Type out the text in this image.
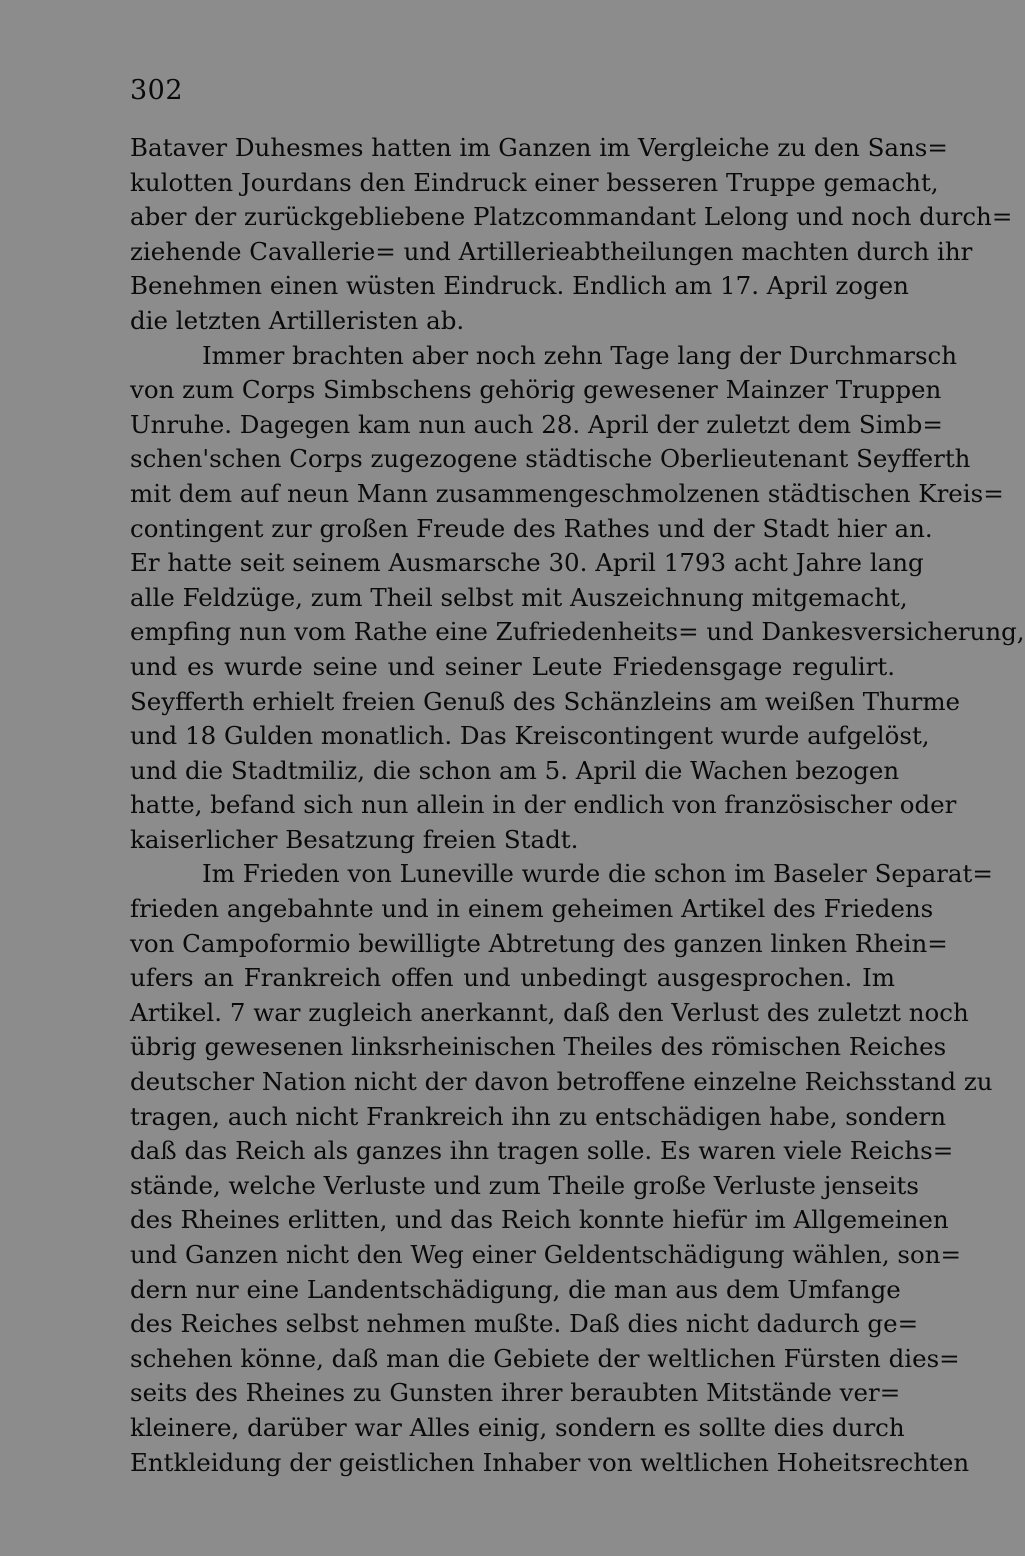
302
Bataver Duhesmes hatten im Ganzen im Vergleiche zu den Sans=
kulotten Jourdans den Eindruck einer besseren Truppe gemacht,
aber der zurückgebliebene Platzcommandant Lelong und noch durch=
ziehende Cavallerie= und Artillerieabtheilungen machten durch ihr
Benehmen einen wüsten Eindruck. Endlich am 17. April zogen
die letzten Artilleristen ab.
Immer brachten aber noch zehn Tage lang der Durchmarsch
von zum Corps Simbschens gehörig gewesener Mainzer Truppen
Unruhe. Dagegen kam nun auch 28. April der zuletzt dem Simb=
schen'schen Corps zugezogene städtische Oberlieutenant Seyfferth
mit dem auf neun Mann zusammengeschmolzenen städtischen Kreis=
contingent zur großen Freude des Rathes und der Stadt hier an.
Er hatte seit seinem Ausmarsche 30. April 1793 acht Jahre lang
alle Feldzüge, zum Theil selbst mit Auszeichnung mitgemacht,
empfing nun vom Rathe eine Zufriedenheits= und Dankesversicherung,
und es wurde seine und seiner Leute Friedensgage regulirt.
Seyfferth erhielt freien Genuß des Schänzleins am weißen Thurme
und 18 Gulden monatlich. Das Kreiscontingent wurde aufgelöst,
und die Stadtmiliz, die schon am 5. April die Wachen bezogen
hatte, befand sich nun allein in der endlich von französischer oder
kaiserlicher Besatzung freien Stadt.
Im Frieden von Luneville wurde die schon im Baseler Separat=
frieden angebahnte und in einem geheimen Artikel des Friedens
von Campoformio bewilligte Abtretung des ganzen linken Rhein=
ufers an Frankreich offen und unbedingt ausgesprochen. Im
Artikel. 7 war zugleich anerkannt, daß den Verlust des zuletzt noch
übrig gewesenen linksrheinischen Theiles des römischen Reiches
deutscher Nation nicht der davon betroffene einzelne Reichsstand zu
tragen, auch nicht Frankreich ihn zu entschädigen habe, sondern
daß das Reich als ganzes ihn tragen solle. Es waren viele Reichs=
stände, welche Verluste und zum Theile große Verluste jenseits
des Rheines erlitten, und das Reich konnte hiefür im Allgemeinen
und Ganzen nicht den Weg einer Geldentschädigung wählen, son=
dern nur eine Landentschädigung, die man aus dem Umfange
des Reiches selbst nehmen mußte. Daß dies nicht dadurch ge=
schehen könne, daß man die Gebiete der weltlichen Fürsten dies=
seits des Rheines zu Gunsten ihrer beraubten Mitstände ver=
kleinere, darüber war Alles einig, sondern es sollte dies durch
Entkleidung der geistlichen Inhaber von weltlichen Hoheitsrechten
